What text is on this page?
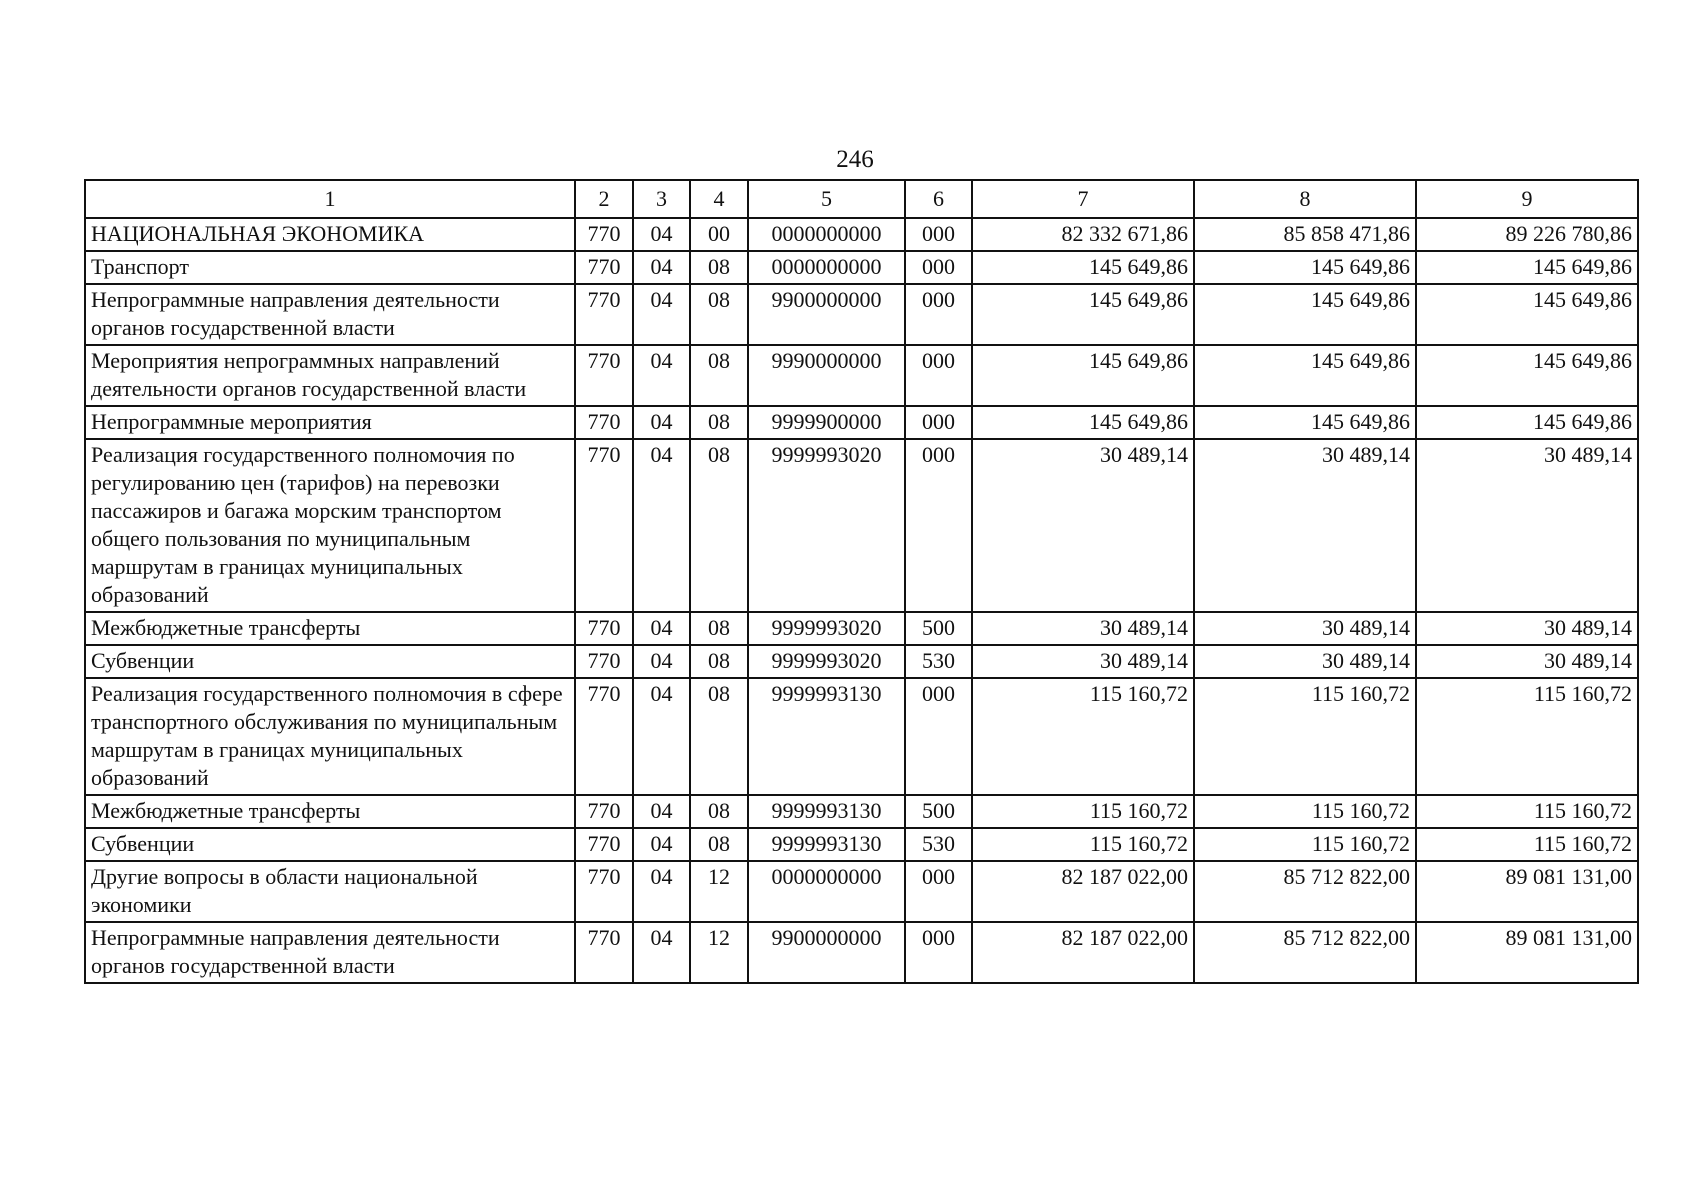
246
1	2	3	4	5	6	7	8	9
НАЦИОНАЛЬНАЯ ЭКОНОМИКА	770	04	00	0000000000	000	82 332 671,86	85 858 471,86	89 226 780,86
Транспорт	770	04	08	0000000000	000	145 649,86	145 649,86	145 649,86
Непрограммные направления деятельности органов государственной власти	770	04	08	9900000000	000	145 649,86	145 649,86	145 649,86
Мероприятия непрограммных направлений деятельности органов государственной власти	770	04	08	9990000000	000	145 649,86	145 649,86	145 649,86
Непрограммные мероприятия	770	04	08	9999900000	000	145 649,86	145 649,86	145 649,86
Реализация государственного полномочия по регулированию цен (тарифов) на перевозки пассажиров и багажа морским транспортом общего пользования по муниципальным маршрутам в границах муниципальных образований	770	04	08	9999993020	000	30 489,14	30 489,14	30 489,14
Межбюджетные трансферты	770	04	08	9999993020	500	30 489,14	30 489,14	30 489,14
Субвенции	770	04	08	9999993020	530	30 489,14	30 489,14	30 489,14
Реализация государственного полномочия в сфере транспортного обслуживания по муниципальным маршрутам в границах муниципальных образований	770	04	08	9999993130	000	115 160,72	115 160,72	115 160,72
Межбюджетные трансферты	770	04	08	9999993130	500	115 160,72	115 160,72	115 160,72
Субвенции	770	04	08	9999993130	530	115 160,72	115 160,72	115 160,72
Другие вопросы в области национальной экономики	770	04	12	0000000000	000	82 187 022,00	85 712 822,00	89 081 131,00
Непрограммные направления деятельности органов государственной власти	770	04	12	9900000000	000	82 187 022,00	85 712 822,00	89 081 131,00
